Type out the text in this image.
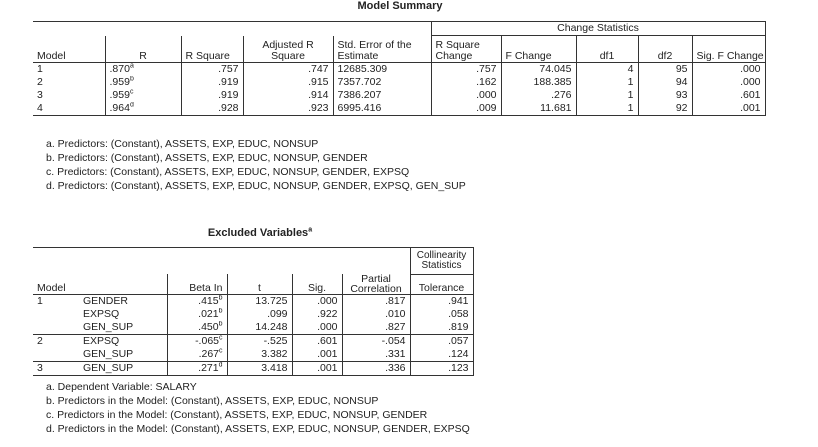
Model Summary
					Change Statistics				
Model	R	R Square	Adjusted R Square	Std. Error of the Estimate	R Square Change	F Change	df1	df2	Sig. F Change
1	.870$^a$	.757	.747	12685.309	.757	74.045	4	95	.000
2	.959$^b$	.919	.915	7357.702	.162	188.385	1	94	.000
3	.959$^c$	.919	.914	7386.207	.000	.276	1	93	.601
4	.964$^d$	.928	.923	6995.416	.009	11.681	1	92	.001
a. Predictors: (Constant), ASSETS, EXP, EDUC, NONSUP
b. Predictors: (Constant), ASSETS, EXP, EDUC, NONSUP, GENDER
c. Predictors: (Constant), ASSETS, EXP, EDUC, NONSUP, GENDER, EXPSQ
d. Predictors: (Constant), ASSETS, EXP, EDUC, NONSUP, GENDER, EXPSQ, GEN_SUP
Excluded Variables$^a$
						Collinearity Statistics

Model		Beta In	t	Sig.	Partial Correlation	Tolerance
1	GENDER	.415$^b$	13.725	.000	.817	.941
	EXPSQ	.021$^b$	.099	.922	.010	.058
	GEN_SUP	.450$^b$	14.248	.000	.827	.819
2	EXPSQ	-.065$^c$	-.525	.601	-.054	.057
	GEN_SUP	.267$^c$	3.382	.001	.331	.124
3	GEN_SUP	.271$^d$	3.418	.001	.336	.123
a. Dependent Variable: SALARY
b. Predictors in the Model: (Constant), ASSETS, EXP, EDUC, NONSUP
c. Predictors in the Model: (Constant), ASSETS, EXP, EDUC, NONSUP, GENDER
d. Predictors in the Model: (Constant), ASSETS, EXP, EDUC, NONSUP, GENDER, EXPSQ
